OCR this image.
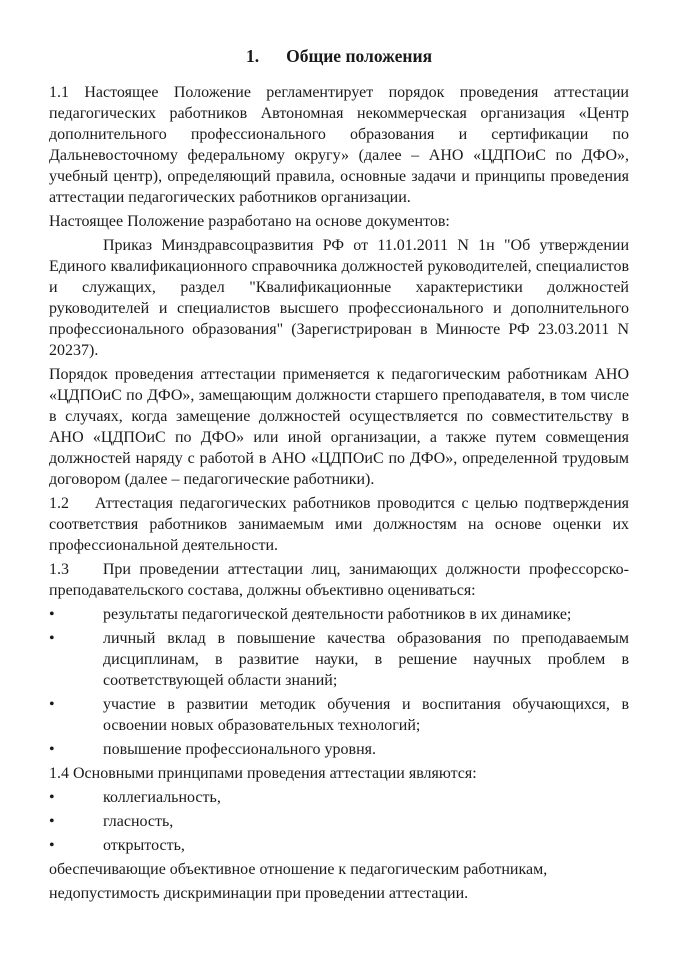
1. Общие положения

1.1 Настоящее Положение регламентирует порядок проведения аттестации педагогических работников Автономная некоммерческая организация «Центр дополнительного профессионального образования и сертификации по Дальневосточному федеральному округу» (далее – АНО «ЦДПОиС по ДФО», учебный центр), определяющий правила, основные задачи и принципы проведения аттестации педагогических работников организации.

Настоящее Положение разработано на основе документов:

Приказ Минздравсоцразвития РФ от 11.01.2011 N 1н "Об утверждении Единого квалификационного справочника должностей руководителей, специалистов и служащих, раздел "Квалификационные характеристики должностей руководителей и специалистов высшего профессионального и дополнительного профессионального образования" (Зарегистрирован в Минюсте РФ 23.03.2011 N 20237).

Порядок проведения аттестации применяется к педагогическим работникам АНО «ЦДПОиС по ДФО», замещающим должности старшего преподавателя, в том числе в случаях, когда замещение должностей осуществляется по совместительству в АНО «ЦДПОиС по ДФО» или иной организации, а также путем совмещения должностей наряду с работой в АНО «ЦДПОиС по ДФО», определенной трудовым договором (далее – педагогические работники).

1.2    Аттестация педагогических работников проводится с целью подтверждения соответствия работников занимаемым ими должностям на основе оценки их профессиональной деятельности.

1.3    При проведении аттестации лиц, занимающих должности профессорско-преподавательского состава, должны объективно оцениваться:

•	результаты педагогической деятельности работников в их динамике;
•	личный вклад в повышение качества образования по преподаваемым дисциплинам, в развитие науки, в решение научных проблем в соответствующей области знаний;
•	участие в развитии методик обучения и воспитания обучающихся, в освоении новых образовательных технологий;
•	повышение профессионального уровня.

1.4 Основными принципами проведения аттестации являются:

•	коллегиальность,
•	гласность,
•	открытость,

обеспечивающие объективное отношение к педагогическим работникам,

недопустимость дискриминации при проведении аттестации.
